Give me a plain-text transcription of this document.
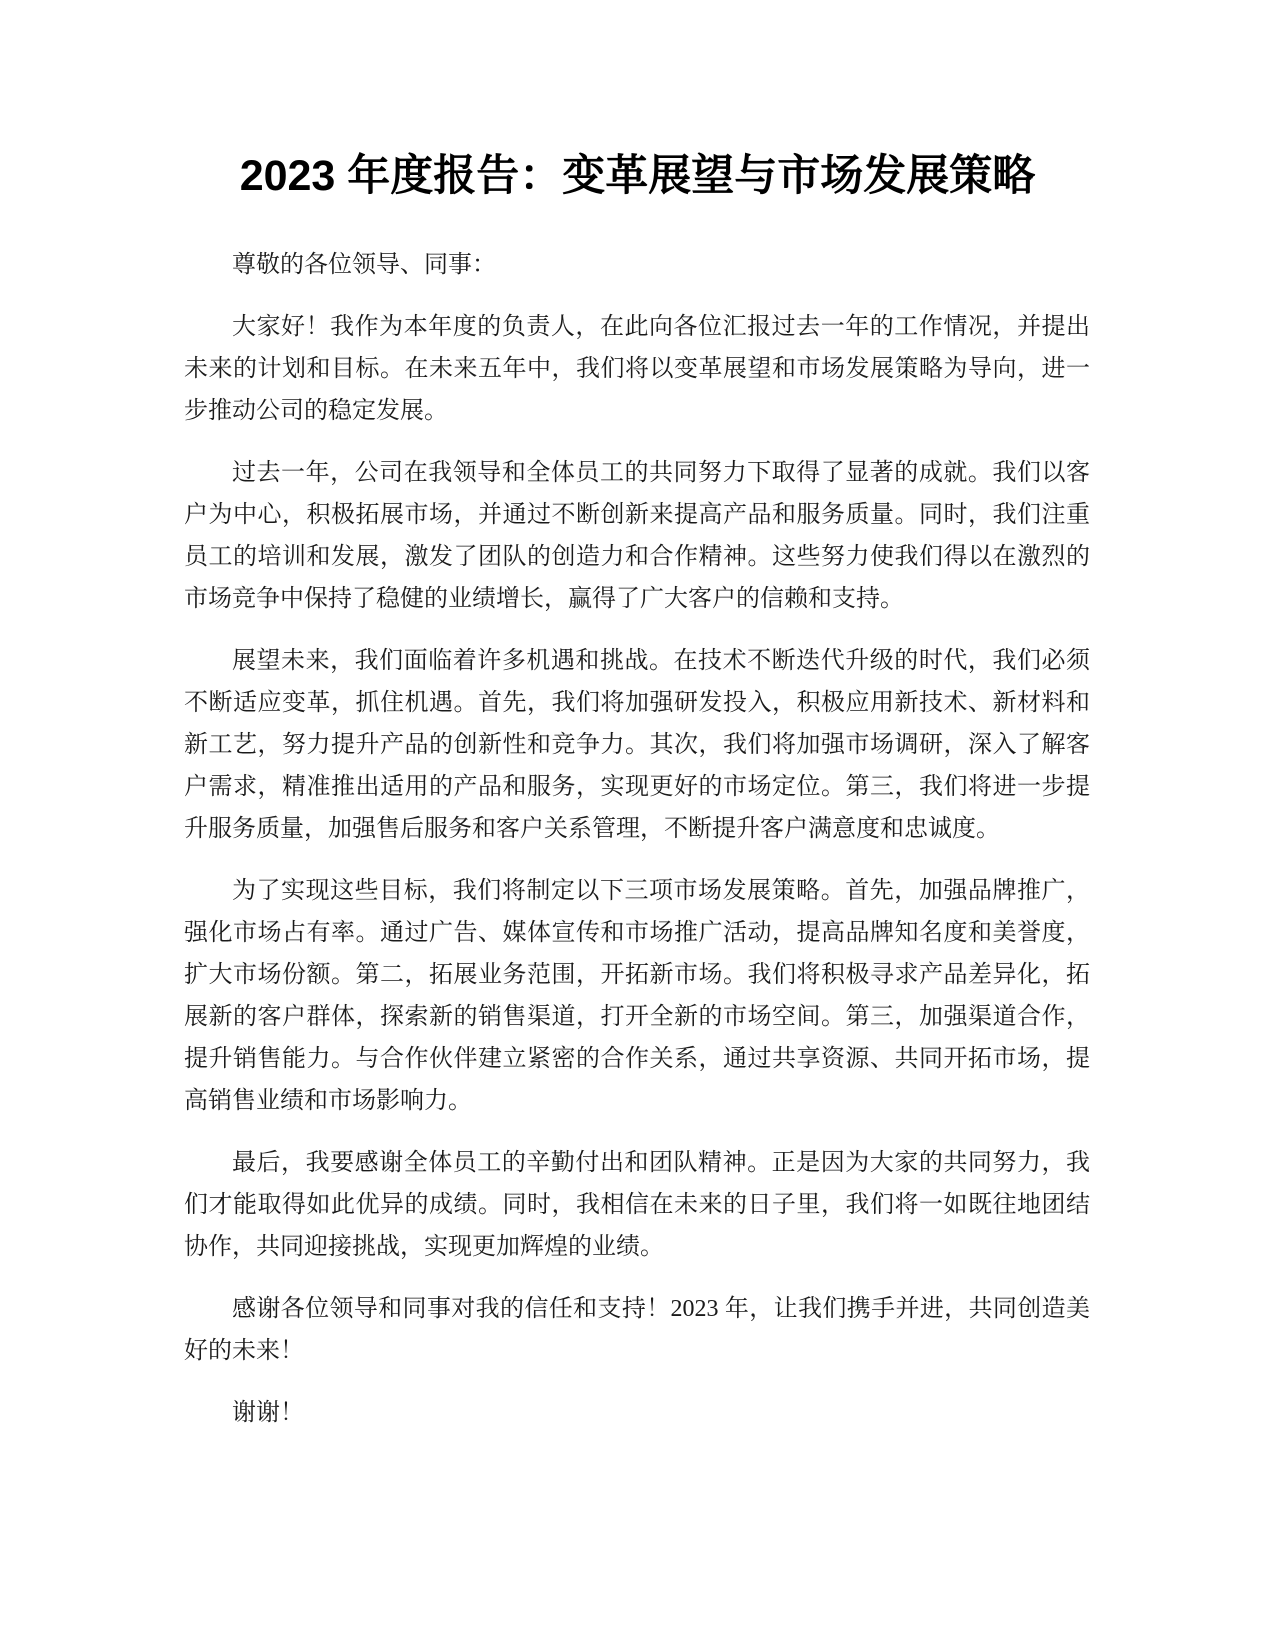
2023 年度报告：变革展望与市场发展策略

尊敬的各位领导、同事：

大家好！我作为本年度的负责人，在此向各位汇报过去一年的工作情况，并提出未来的计划和目标。在未来五年中，我们将以变革展望和市场发展策略为导向，进一步推动公司的稳定发展。

过去一年，公司在我领导和全体员工的共同努力下取得了显著的成就。我们以客户为中心，积极拓展市场，并通过不断创新来提高产品和服务质量。同时，我们注重员工的培训和发展，激发了团队的创造力和合作精神。这些努力使我们得以在激烈的市场竞争中保持了稳健的业绩增长，赢得了广大客户的信赖和支持。

展望未来，我们面临着许多机遇和挑战。在技术不断迭代升级的时代，我们必须不断适应变革，抓住机遇。首先，我们将加强研发投入，积极应用新技术、新材料和新工艺，努力提升产品的创新性和竞争力。其次，我们将加强市场调研，深入了解客户需求，精准推出适用的产品和服务，实现更好的市场定位。第三，我们将进一步提升服务质量，加强售后服务和客户关系管理，不断提升客户满意度和忠诚度。

为了实现这些目标，我们将制定以下三项市场发展策略。首先，加强品牌推广，强化市场占有率。通过广告、媒体宣传和市场推广活动，提高品牌知名度和美誉度，扩大市场份额。第二，拓展业务范围，开拓新市场。我们将积极寻求产品差异化，拓展新的客户群体，探索新的销售渠道，打开全新的市场空间。第三，加强渠道合作，提升销售能力。与合作伙伴建立紧密的合作关系，通过共享资源、共同开拓市场，提高销售业绩和市场影响力。

最后，我要感谢全体员工的辛勤付出和团队精神。正是因为大家的共同努力，我们才能取得如此优异的成绩。同时，我相信在未来的日子里，我们将一如既往地团结协作，共同迎接挑战，实现更加辉煌的业绩。

感谢各位领导和同事对我的信任和支持！2023 年，让我们携手并进，共同创造美好的未来！

谢谢！
